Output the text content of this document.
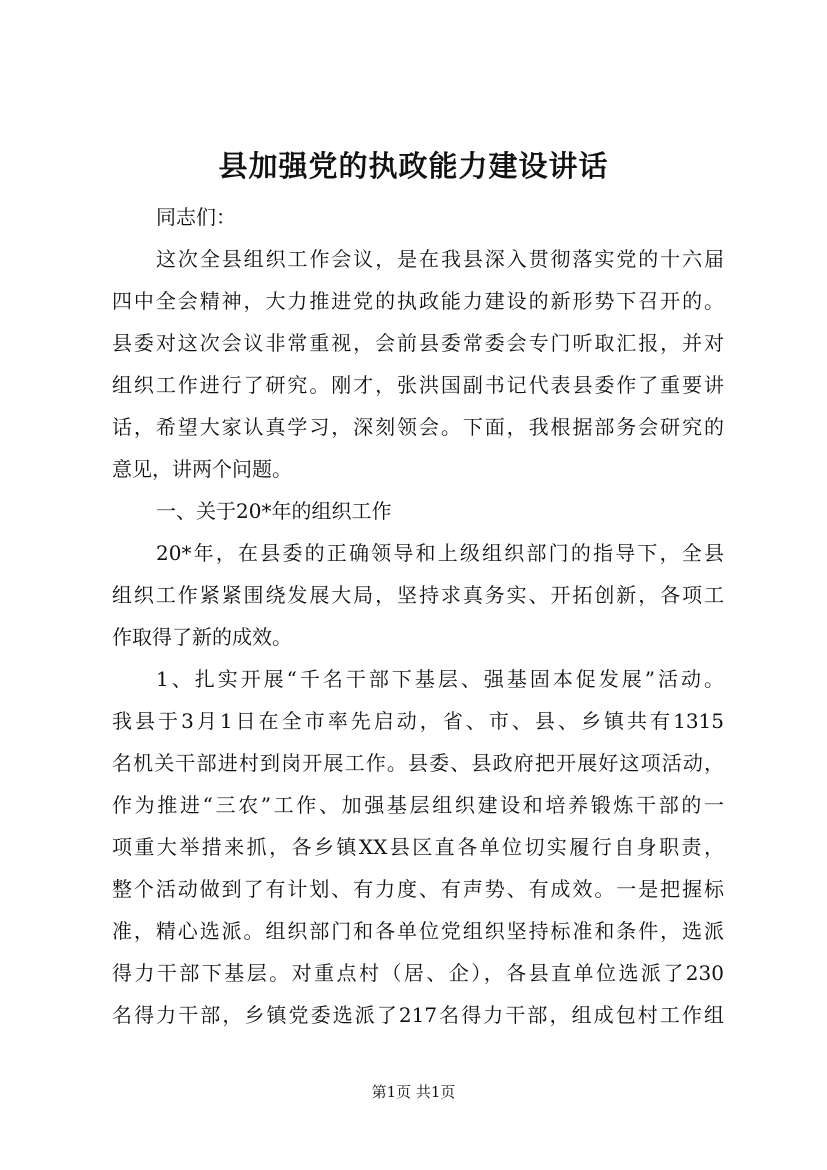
县加强党的执政能力建设讲话
同志们：
这次全县组织工作会议，是在我县深入贯彻落实党的十六届
四中全会精神，大力推进党的执政能力建设的新形势下召开的。
县委对这次会议非常重视，会前县委常委会专门听取汇报，并对
组织工作进行了研究。刚才，张洪国副书记代表县委作了重要讲
话，希望大家认真学习，深刻领会。下面，我根据部务会研究的
意见，讲两个问题。
一、关于20*年的组织工作
20*年，在县委的正确领导和上级组织部门的指导下，全县
组织工作紧紧围绕发展大局，坚持求真务实、开拓创新，各项工
作取得了新的成效。
1、扎实开展“千名干部下基层、强基固本促发展”活动。
我县于3月1日在全市率先启动，省、市、县、乡镇共有1315
名机关干部进村到岗开展工作。县委、县政府把开展好这项活动，
作为推进“三农”工作、加强基层组织建设和培养锻炼干部的一
项重大举措来抓，各乡镇XX县区直各单位切实履行自身职责，
整个活动做到了有计划、有力度、有声势、有成效。一是把握标
准，精心选派。组织部门和各单位党组织坚持标准和条件，选派
得力干部下基层。对重点村（居、企），各县直单位选派了230
名得力干部，乡镇党委选派了217名得力干部，组成包村工作组
第1页 共1页
